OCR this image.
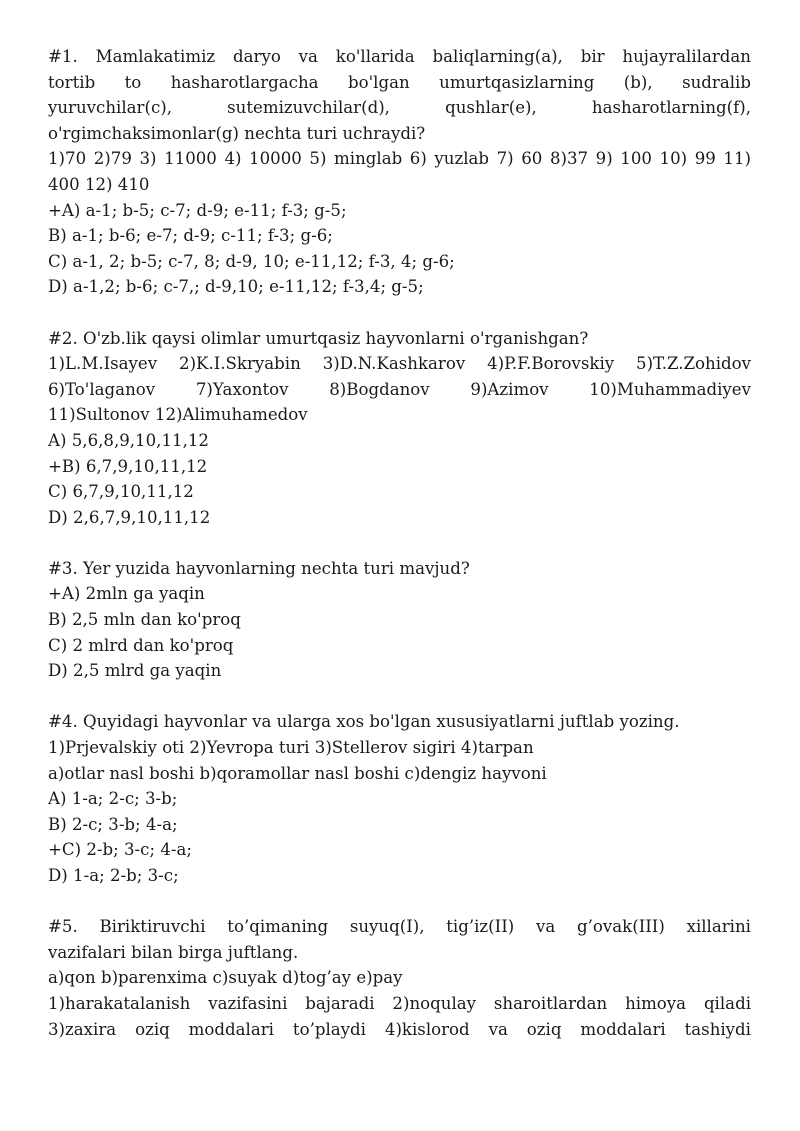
#1. Mamlakatimiz daryo va ko'llarida baliqlarning(a), bir hujayralilardan
tortib to hasharotlargacha bo'lgan umurtqasizlarning (b), sudralib
yuruvchilar(c), sutemizuvchilar(d), qushlar(e), hasharotlarning(f),
o'rgimchaksimonlar(g) nechta turi uchraydi?
1)70 2)79 3) 11000 4) 10000 5) minglab 6) yuzlab 7) 60 8)37 9) 100 10) 99 11)
400 12) 410
+A) a-1; b-5; c-7; d-9; e-11; f-3; g-5;
B) a-1; b-6; e-7; d-9; c-11; f-3; g-6;
C) a-1, 2; b-5; c-7, 8; d-9, 10; e-11,12; f-3, 4; g-6;
D) a-1,2; b-6; c-7,; d-9,10; e-11,12; f-3,4; g-5;
#2. O'zb.lik qaysi olimlar umurtqasiz hayvonlarni o'rganishgan?
1)L.M.Isayev 2)K.I.Skryabin 3)D.N.Kashkarov 4)P.F.Borovskiy 5)T.Z.Zohidov
6)To'laganov 7)Yaxontov 8)Bogdanov 9)Azimov 10)Muhammadiyev
11)Sultonov 12)Alimuhamedov
A) 5,6,8,9,10,11,12
+B) 6,7,9,10,11,12
C) 6,7,9,10,11,12
D) 2,6,7,9,10,11,12
#3. Yer yuzida hayvonlarning nechta turi mavjud?
+A) 2mln ga yaqin
B) 2,5 mln dan ko'proq
C) 2 mlrd dan ko'proq
D) 2,5 mlrd ga yaqin
#4. Quyidagi hayvonlar va ularga xos bo'lgan xususiyatlarni juftlab yozing.
1)Prjevalskiy oti 2)Yevropa turi 3)Stellerov sigiri 4)tarpan
a)otlar nasl boshi b)qoramollar nasl boshi c)dengiz hayvoni
A) 1-a; 2-c; 3-b;
B) 2-c; 3-b; 4-a;
+C) 2-b; 3-c; 4-a;
D) 1-a; 2-b; 3-c;
#5. Biriktiruvchi to’qimaning suyuq(I), tig’iz(II) va g’ovak(III) xillarini
vazifalari bilan birga juftlang.
a)qon b)parenxima c)suyak d)tog’ay e)pay
1)harakatalanish vazifasini bajaradi 2)noqulay sharoitlardan himoya qiladi
3)zaxira oziq moddalari to’playdi 4)kislorod va oziq moddalari tashiydi
